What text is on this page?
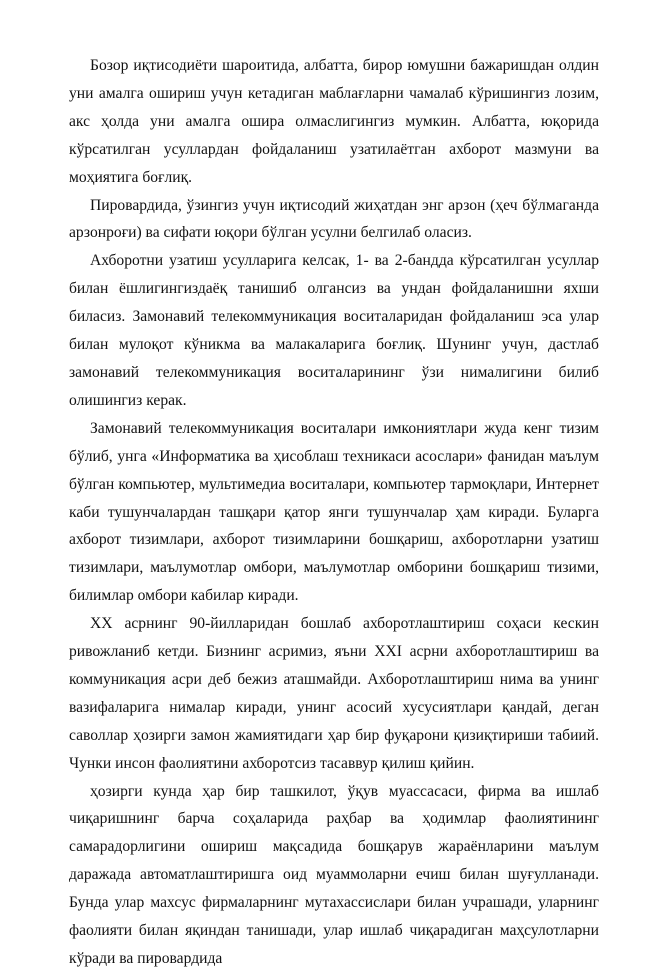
Бозор иқтисодиёти шароитида, албатта, бирор юмушни бажаришдан олдин уни амалга ошириш учун кетадиган маблағларни чамалаб кўришингиз лозим, акс ҳолда уни амалга ошира олмаслигингиз мумкин. Албатта, юқорида кўрсатилган усуллардан фойдаланиш узатилаётган ахборот мазмуни ва моҳиятига боғлиқ.

Пировардида, ўзингиз учун иқтисодий жиҳатдан энг арзон (ҳеч бўлмаганда арзонроғи) ва сифати юқори бўлган усулни белгилаб оласиз.

Ахборотни узатиш усулларига келсак, 1- ва 2-бандда кўрсатилган усуллар билан ёшлигингиздаёқ танишиб олгансиз ва ундан фойдаланишни яхши биласиз. Замонавий телекоммуникация воситаларидан фойдаланиш эса улар билан мулоқот кўникма ва малакаларига боғлиқ. Шунинг учун, дастлаб замонавий телекоммуникация воситаларининг ўзи нималигини билиб олишингиз керак.

Замонавий телекоммуникация воситалари имкониятлари жуда кенг тизим бўлиб, унга «Информатика ва ҳисоблаш техникаси асослари» фанидан маълум бўлган компьютер, мультимедиа воситалари, компьютер тармоқлари, Интернет каби тушунчалардан ташқари қатор янги тушунчалар ҳам киради. Буларга ахборот тизимлари, ахборот тизимларини бошқариш, ахборотларни узатиш тизимлари, маълумотлар омбори, маълумотлар омборини бошқариш тизими, билимлар омбори кабилар киради.

XX асрнинг 90-йилларидан бошлаб ахборотлаштириш соҳаси кескин ривожланиб кетди. Бизнинг асримиз, яъни XXI асрни ахборотлаштириш ва коммуникация асри деб бежиз аташмайди. Ахборотлаштириш нима ва унинг вазифаларига нималар киради, унинг асосий хусусиятлари қандай, деган саволлар ҳозирги замон жамиятидаги ҳар бир фуқарони қизиқтириши табиий. Чунки инсон фаолиятини ахборотсиз тасаввур қилиш қийин.

ҳозирги кунда ҳар бир ташкилот, ўқув муассасаси, фирма ва ишлаб чиқаришнинг барча соҳаларида раҳбар ва ҳодимлар фаолиятининг самарадорлигини ошириш мақсадида бошқарув жараёнларини маълум даражада автоматлаштиришга оид муаммоларни ечиш билан шуғулланади. Бунда улар махсус фирмаларнинг мутахассислари билан учрашади, уларнинг фаолияти билан яқиндан танишади, улар ишлаб чиқарадиган маҳсулотларни кўради ва пировардида
